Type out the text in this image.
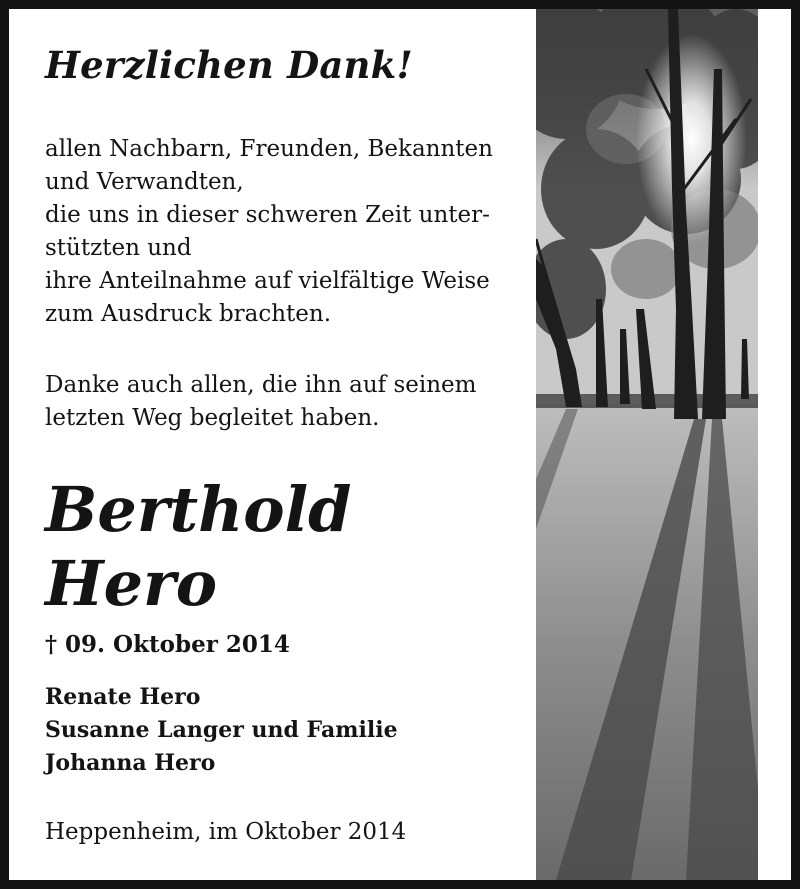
Herzlichen Dank!

allen Nachbarn, Freunden, Bekannten
und Verwandten,
die uns in dieser schweren Zeit unter-
stützten und
ihre Anteilnahme auf vielfältige Weise
zum Ausdruck brachten.

Danke auch allen, die ihn auf seinem
letzten Weg begleitet haben.

Berthold
Hero

† 09. Oktober 2014

Renate Hero
Susanne Langer und Familie
Johanna Hero

Heppenheim, im Oktober 2014
